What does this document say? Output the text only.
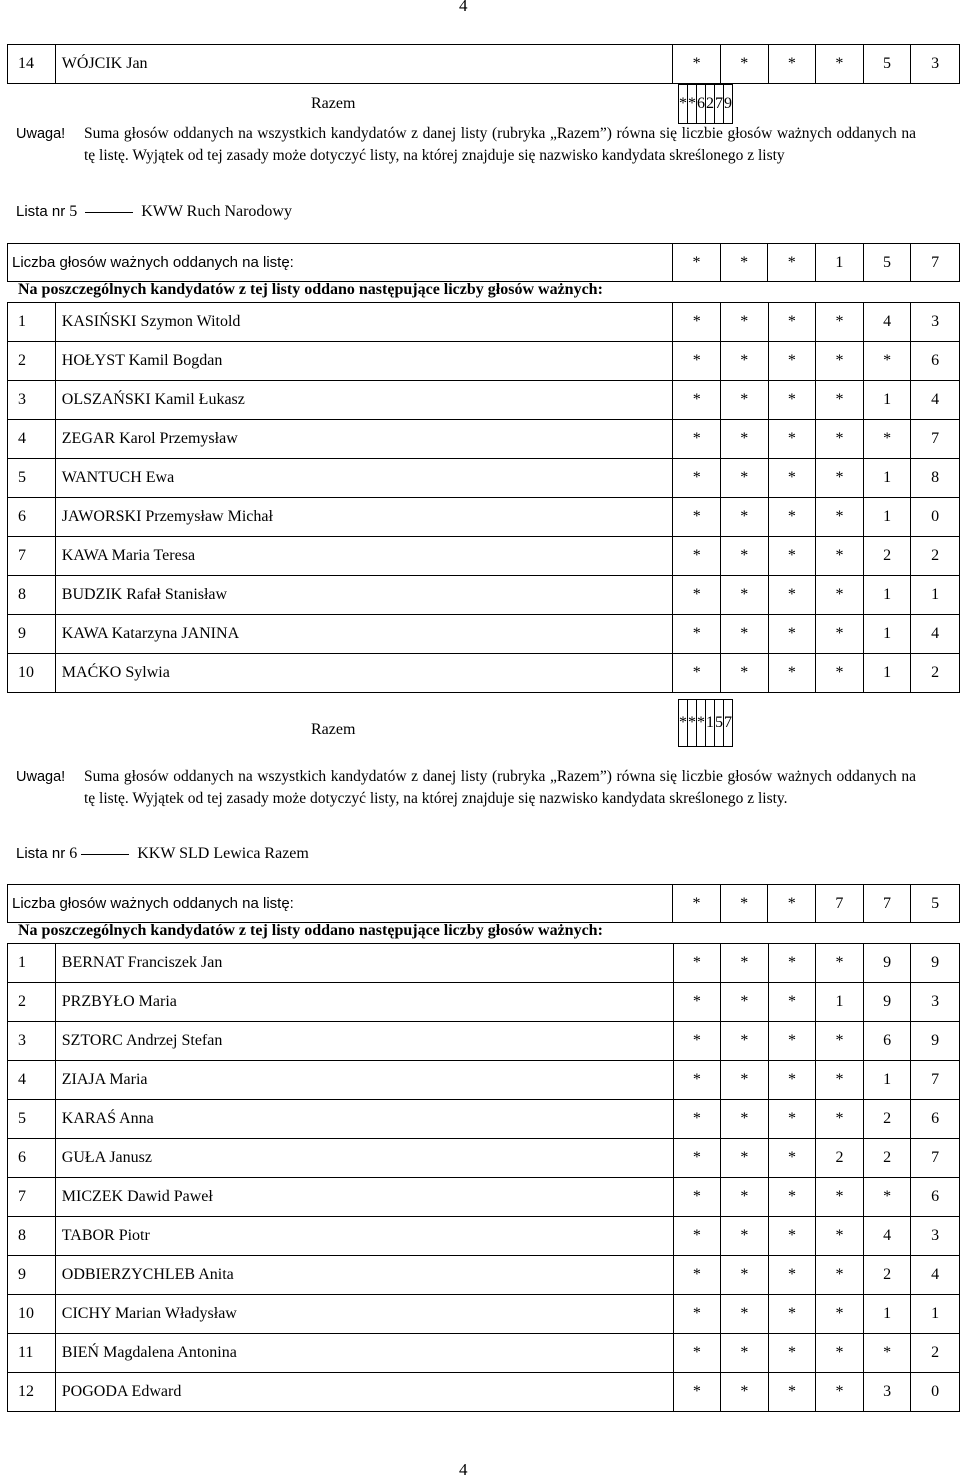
4
14	WÓJCIK Jan	*	*	*	*	5	3
Razem	*	*	6	2	7	9
Uwaga!	Suma głosów oddanych na wszystkich kandydatów z danej listy (rubryka „Razem”) równa się liczbie głosów ważnych oddanych na tę listę. Wyjątek od tej zasady może dotyczyć listy, na której znajduje się nazwisko kandydata skreślonego z listy
Lista nr 5	KWW Ruch Narodowy
Liczba głosów ważnych oddanych na listę:	*	*	*	1	5	7
Na poszczególnych kandydatów z tej listy oddano następujące liczby głosów ważnych:
1	KASIŃSKI Szymon Witold	*	*	*	*	4	3
2	HOŁYST Kamil Bogdan	*	*	*	*	*	6
3	OLSZAŃSKI Kamil Łukasz	*	*	*	*	1	4
4	ZEGAR Karol Przemysław	*	*	*	*	*	7
5	WANTUCH Ewa	*	*	*	*	1	8
6	JAWORSKI Przemysław Michał	*	*	*	*	1	0
7	KAWA Maria Teresa	*	*	*	*	2	2
8	BUDZIK Rafał Stanisław	*	*	*	*	1	1
9	KAWA Katarzyna JANINA	*	*	*	*	1	4
10	MAĆKO Sylwia	*	*	*	*	1	2
Razem	*	*	*	1	5	7
Uwaga!	Suma głosów oddanych na wszystkich kandydatów z danej listy (rubryka „Razem”) równa się liczbie głosów ważnych oddanych na tę listę. Wyjątek od tej zasady może dotyczyć listy, na której znajduje się nazwisko kandydata skreślonego z listy.
Lista nr 6	KKW SLD Lewica Razem
Liczba głosów ważnych oddanych na listę:	*	*	*	7	7	5
Na poszczególnych kandydatów z tej listy oddano następujące liczby głosów ważnych:
1	BERNAT Franciszek Jan	*	*	*	*	9	9
2	PRZBYŁO Maria	*	*	*	1	9	3
3	SZTORC Andrzej Stefan	*	*	*	*	6	9
4	ZIAJA Maria	*	*	*	*	1	7
5	KARAŚ Anna	*	*	*	*	2	6
6	GUŁA Janusz	*	*	*	2	2	7
7	MICZEK Dawid Paweł	*	*	*	*	*	6
8	TABOR Piotr	*	*	*	*	4	3
9	ODBIERZYCHLEB Anita	*	*	*	*	2	4
10	CICHY Marian Władysław	*	*	*	*	1	1
11	BIEŃ Magdalena Antonina	*	*	*	*	*	2
12	POGODA Edward	*	*	*	*	3	0
4
